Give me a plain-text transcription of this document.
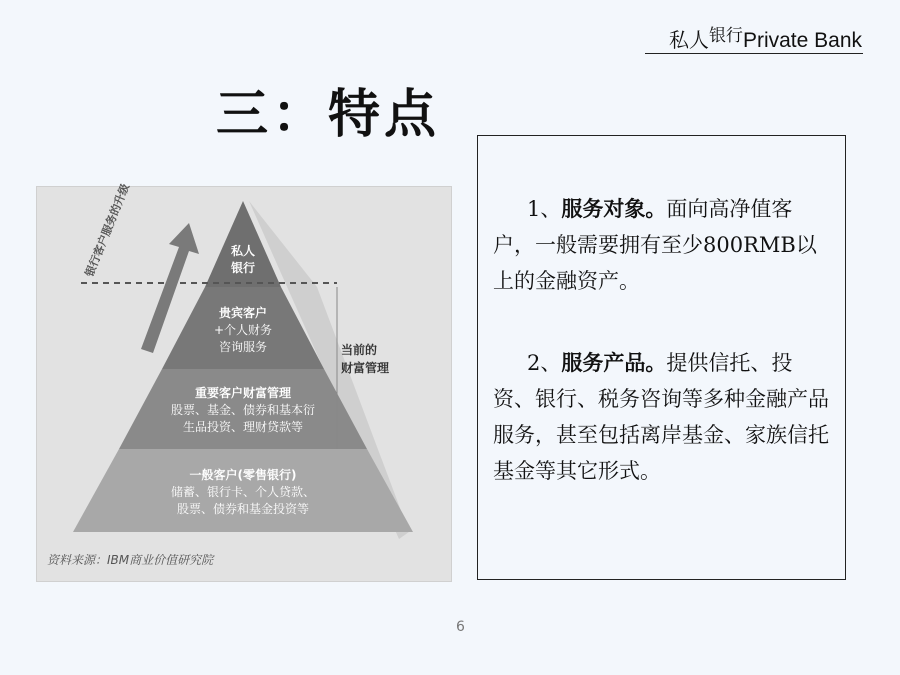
私人$^{银行}$Private Bank
三：特点
银行客户服务的升级	私人
银行
贵宾客户
+个人财务
咨询服务
重要客户财富管理
股票、基金、债券和基本衍
生品投资、理财贷款等
一般客户(零售银行)
储蓄、银行卡、个人贷款、
股票、债券和基金投资等
当前的
财富管理
资料来源：IBM商业价值研究院

1、服务对象。面向高净值客户，一般需要拥有至少800RMB以上的金融资产。

2、服务产品。提供信托、投资、银行、税务咨询等多种金融产品服务，甚至包括离岸基金、家族信托基金等其它形式。

6
